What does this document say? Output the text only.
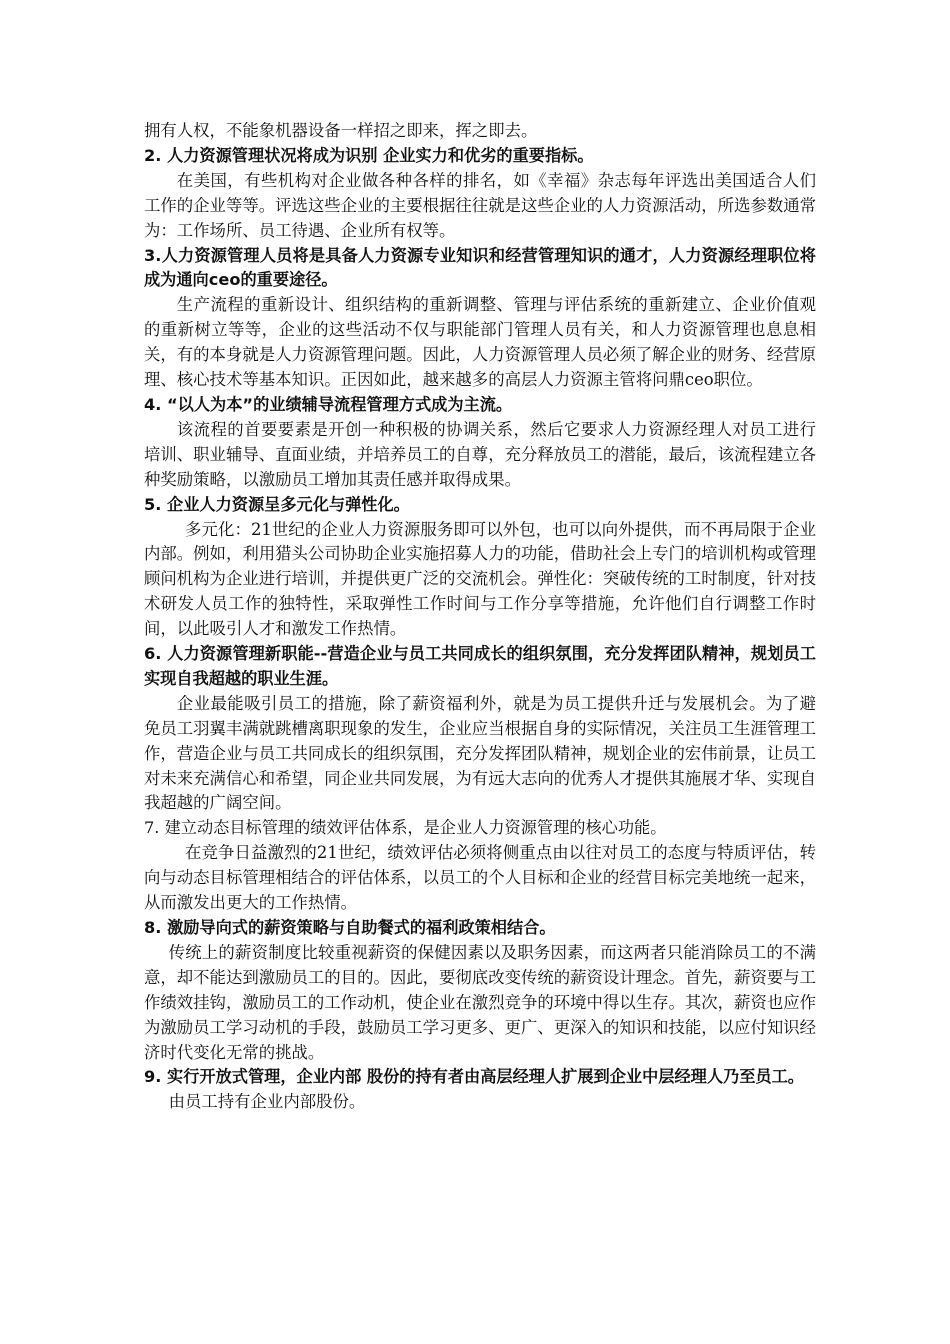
拥有人权，不能象机器设备一样招之即来，挥之即去。

2. 人力资源管理状况将成为识别 企业实力和优劣的重要指标。

在美国，有些机构对企业做各种各样的排名，如《幸福》杂志每年评选出美国适合人们工作的企业等等。评选这些企业的主要根据往往就是这些企业的人力资源活动，所选参数通常为：工作场所、员工待遇、企业所有权等。

3.人力资源管理人员将是具备人力资源专业知识和经营管理知识的通才，人力资源经理职位将成为通向ceo的重要途径。

生产流程的重新设计、组织结构的重新调整、管理与评估系统的重新建立、企业价值观的重新树立等等，企业的这些活动不仅与职能部门管理人员有关，和人力资源管理也息息相关，有的本身就是人力资源管理问题。因此，人力资源管理人员必须了解企业的财务、经营原理、核心技术等基本知识。正因如此，越来越多的高层人力资源主管将问鼎ceo职位。

4. “以人为本”的业绩辅导流程管理方式成为主流。

该流程的首要要素是开创一种积极的协调关系，然后它要求人力资源经理人对员工进行培训、职业辅导、直面业绩，并培养员工的自尊，充分释放员工的潜能，最后，该流程建立各种奖励策略，以激励员工增加其责任感并取得成果。

5. 企业人力资源呈多元化与弹性化。

多元化：21世纪的企业人力资源服务即可以外包，也可以向外提供，而不再局限于企业内部。例如，利用猎头公司协助企业实施招募人力的功能，借助社会上专门的培训机构或管理顾问机构为企业进行培训，并提供更广泛的交流机会。弹性化：突破传统的工时制度，针对技术研发人员工作的独特性，采取弹性工作时间与工作分享等措施，允许他们自行调整工作时间，以此吸引人才和激发工作热情。

6. 人力资源管理新职能--营造企业与员工共同成长的组织氛围，充分发挥团队精神，规划员工实现自我超越的职业生涯。

企业最能吸引员工的措施，除了薪资福利外，就是为员工提供升迁与发展机会。为了避免员工羽翼丰满就跳槽离职现象的发生，企业应当根据自身的实际情况，关注员工生涯管理工作，营造企业与员工共同成长的组织氛围，充分发挥团队精神，规划企业的宏伟前景，让员工对未来充满信心和希望，同企业共同发展，为有远大志向的优秀人才提供其施展才华、实现自我超越的广阔空间。

7. 建立动态目标管理的绩效评估体系，是企业人力资源管理的核心功能。

在竞争日益激烈的21世纪，绩效评估必须将侧重点由以往对员工的态度与特质评估，转向与动态目标管理相结合的评估体系，以员工的个人目标和企业的经营目标完美地统一起来，从而激发出更大的工作热情。

8. 激励导向式的薪资策略与自助餐式的福利政策相结合。

传统上的薪资制度比较重视薪资的保健因素以及职务因素，而这两者只能消除员工的不满意，却不能达到激励员工的目的。因此，要彻底改变传统的薪资设计理念。首先，薪资要与工作绩效挂钩，激励员工的工作动机，使企业在激烈竞争的环境中得以生存。其次，薪资也应作为激励员工学习动机的手段，鼓励员工学习更多、更广、更深入的知识和技能，以应付知识经济时代变化无常的挑战。

9. 实行开放式管理，企业内部 股份的持有者由高层经理人扩展到企业中层经理人乃至员工。

由员工持有企业内部股份。
